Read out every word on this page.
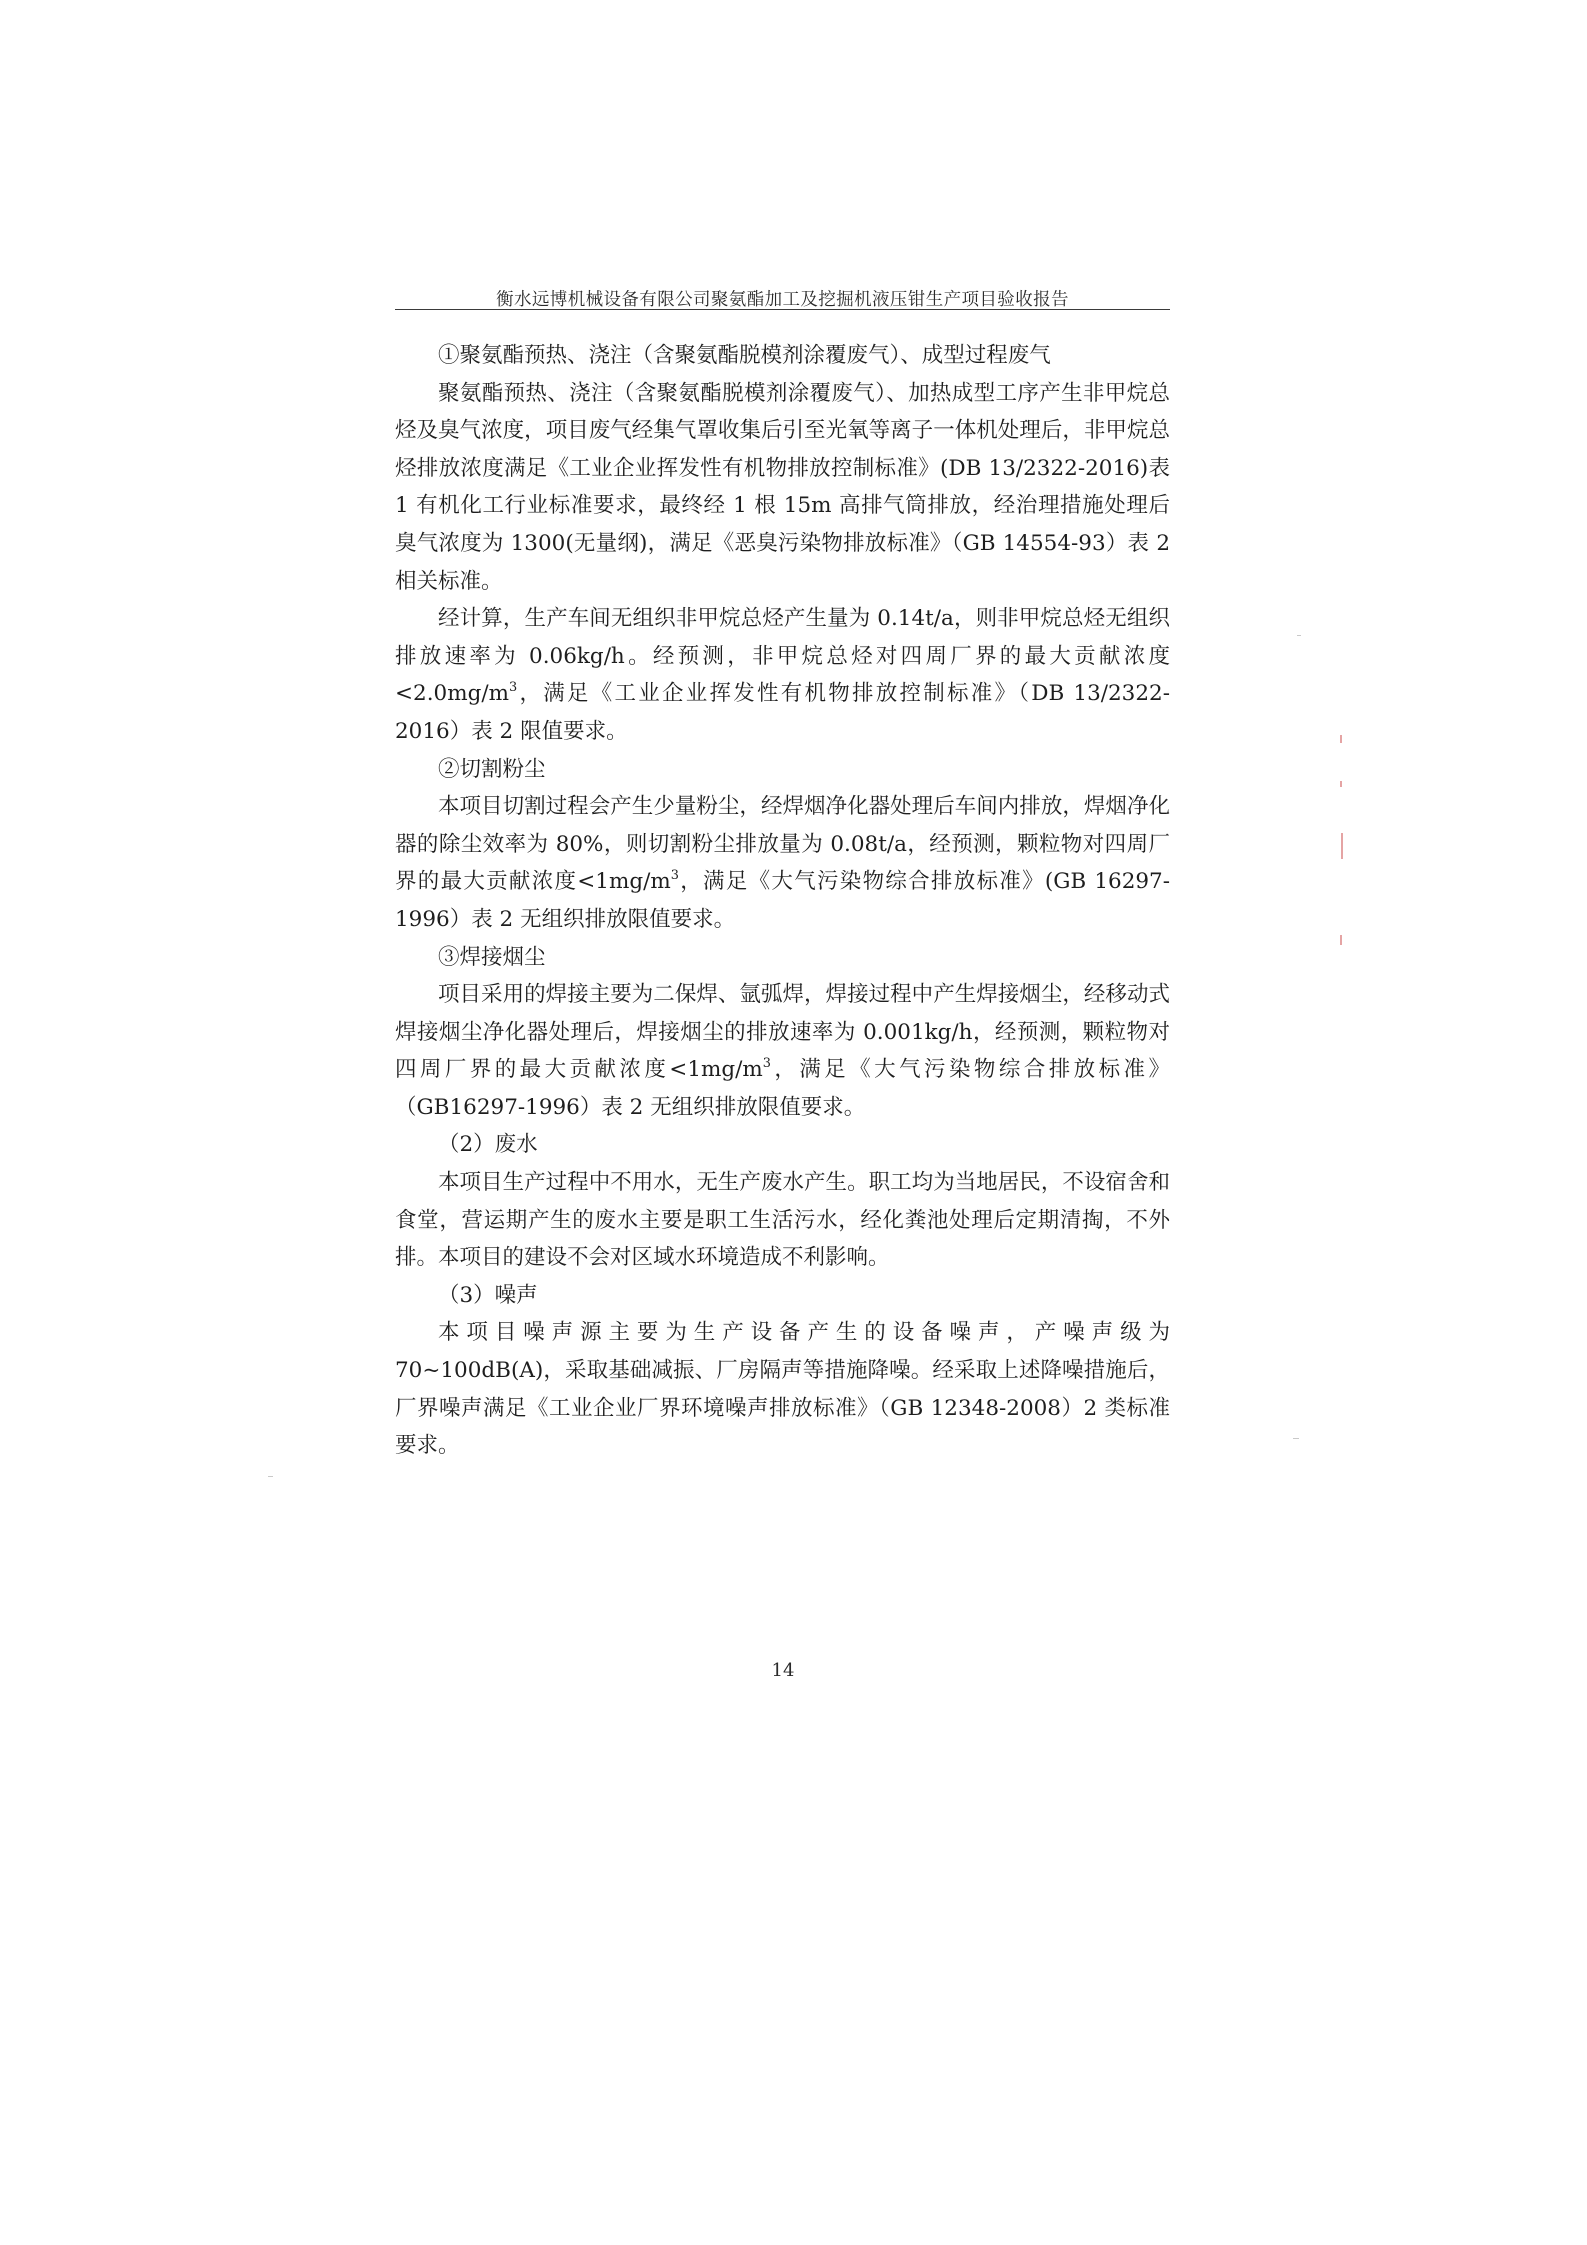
衡水远博机械设备有限公司聚氨酯加工及挖掘机液压钳生产项目验收报告

①聚氨酯预热、浇注（含聚氨酯脱模剂涂覆废气）、成型过程废气

聚氨酯预热、浇注（含聚氨酯脱模剂涂覆废气）、加热成型工序产生非甲烷总烃及臭气浓度，项目废气经集气罩收集后引至光氧等离子一体机处理后，非甲烷总烃排放浓度满足《工业企业挥发性有机物排放控制标准》(DB 13/2322-2016)表 1 有机化工行业标准要求，最终经 1 根 15m 高排气筒排放，经治理措施处理后臭气浓度为 1300(无量纲)，满足《恶臭污染物排放标准》（GB 14554-93）表 2 相关标准。

经计算，生产车间无组织非甲烷总烃产生量为 0.14t/a，则非甲烷总烃无组织排放速率为 0.06kg/h。经预测，非甲烷总烃对四周厂界的最大贡献浓度$<2.0mg/m^3$，满足《工业企业挥发性有机物排放控制标准》（DB 13/2322-2016）表 2 限值要求。

②切割粉尘

本项目切割过程会产生少量粉尘，经焊烟净化器处理后车间内排放，焊烟净化器的除尘效率为 80%，则切割粉尘排放量为 0.08t/a，经预测，颗粒物对四周厂界的最大贡献浓度$<1mg/m^3$，满足《大气污染物综合排放标准》(GB 16297-1996）表 2 无组织排放限值要求。

③焊接烟尘

项目采用的焊接主要为二保焊、氩弧焊，焊接过程中产生焊接烟尘，经移动式焊接烟尘净化器处理后，焊接烟尘的排放速率为 0.001kg/h，经预测，颗粒物对四周厂界的最大贡献浓度$<1mg/m^3$，满足《大气污染物综合排放标准》（GB16297-1996）表 2 无组织排放限值要求。

（2）废水

本项目生产过程中不用水，无生产废水产生。职工均为当地居民，不设宿舍和食堂，营运期产生的废水主要是职工生活污水，经化粪池处理后定期清掏，不外排。本项目的建设不会对区域水环境造成不利影响。

（3）噪声

本项目噪声源主要为生产设备产生的设备噪声，产噪声级为 70~100dB(A)，采取基础减振、厂房隔声等措施降噪。经采取上述降噪措施后，厂界噪声满足《工业企业厂界环境噪声排放标准》（GB 12348-2008）2 类标准要求。

14
